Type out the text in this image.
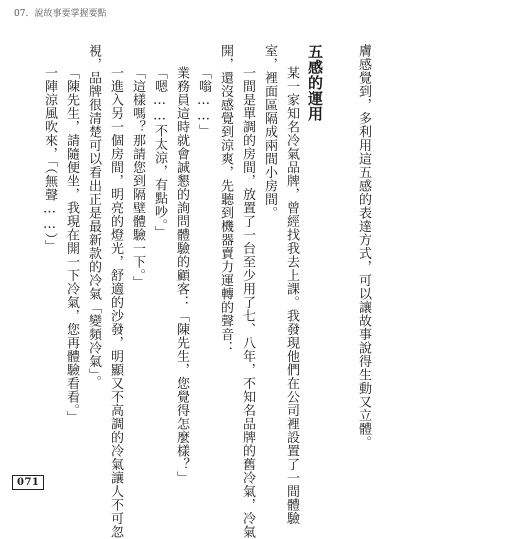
07．說故事要掌握要點
膚感覺到，多利用這五感的表達方式，可以讓故事說得生動又立體。
五感的運用
某一家知名冷氣品牌，曾經找我去上課。我發現他們在公司裡設置了一間體驗
室，裡面區隔成兩間小房間。
一間是單調的房間，放置了一台至少用了七、八年，不知名品牌的舊冷氣，冷氣
開，還沒感覺到涼爽，先聽到機器賣力運轉的聲音：
「嗡……」
業務員這時就會誠懇的詢問體驗的顧客：「陳先生，您覺得怎麼樣？」
「嗯……不太涼，有點吵。」
「這樣嗎？那請您到隔壁體驗一下。」
一進入另一個房間，明亮的燈光，舒適的沙發，明顯又不高調的冷氣讓人不可忽
視，品牌很清楚可以看出正是最新款的冷氣「變頻冷氣」。
「陳先生，請隨便坐，我現在開一下冷氣，您再體驗看看。」
一陣涼風吹來，「（無聲……）」
071
